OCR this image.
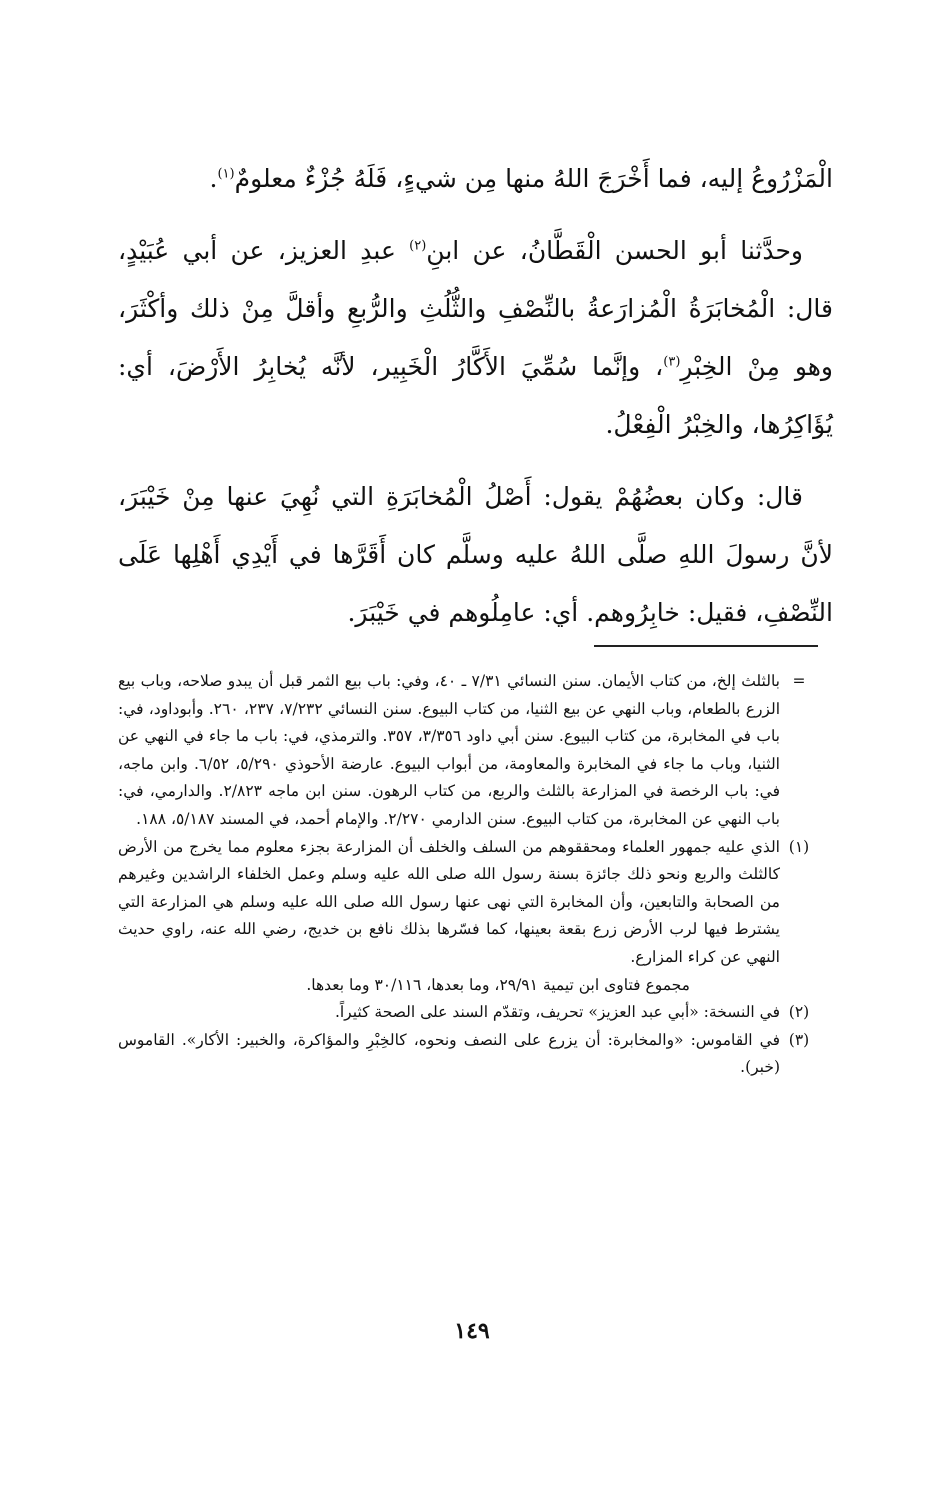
الْمَزْرُوعُ إليه، فما أَخْرَجَ اللهُ منها مِن شيءٍ، فَلَهُ جُزْءٌ معلومٌ$^{(١)}$.

وحدَّثنا أبو الحسن الْقَطَّانُ، عن ابنِ$^{(٢)}$ عبدِ العزيز، عن أبي عُبَيْدٍ، قال: الْمُخابَرَةُ الْمُزارَعةُ بالنِّصْفِ والثُّلُثِ والرُّبعِ وأقلَّ مِنْ ذلك وأكْثَرَ، وهو مِنْ الخِبْرِ$^{(٣)}$، وإنَّما سُمِّيَ الأَكَّارُ الْخَبِير، لأنَّه يُخابِرُ الأَرْضَ، أي: يُؤَاكِرُها، والخِبْرُ الْفِعْلُ.

قال: وكان بعضُهُمْ يقول: أَصْلُ الْمُخابَرَةِ التي نُهِيَ عنها مِنْ خَيْبَرَ، لأنَّ رسولَ اللهِ صلَّى اللهُ عليه وسلَّم كان أَقَرَّها في أَيْدِي أَهْلِها عَلَى النِّصْفِ، فقيل: خابِرُوهم. أي: عامِلُوهم في خَيْبَرَ.

=
بالثلث إلخ، من كتاب الأيمان. سنن النسائي ٧/٣١ ـ ٤٠، وفي: باب بيع الثمر قبل أن يبدو صلاحه، وباب بيع الزرع بالطعام، وباب النهي عن بيع الثنيا، من كتاب البيوع. سنن النسائي ٧/٢٣٢، ٢٣٧، ٢٦٠. وأبوداود، في: باب في المخابرة، من كتاب البيوع. سنن أبي داود ٣/٣٥٦، ٣٥٧. والترمذي، في: باب ما جاء في النهي عن الثنيا، وباب ما جاء في المخابرة والمعاومة، من أبواب البيوع. عارضة الأحوذي ٥/٢٩٠، ٦/٥٢. وابن ماجه، في: باب الرخصة في المزارعة بالثلث والربع، من كتاب الرهون. سنن ابن ماجه ٢/٨٢٣. والدارمي، في: باب النهي عن المخابرة، من كتاب البيوع. سنن الدارمي ٢/٢٧٠. والإمام أحمد، في المسند ٥/١٨٧، ١٨٨.
(١)
الذي عليه جمهور العلماء ومحققوهم من السلف والخلف أن المزارعة بجزء معلوم مما يخرج من الأرض كالثلث والربع ونحو ذلك جائزة بسنة رسول الله صلى الله عليه وسلم وعمل الخلفاء الراشدين وغيرهم من الصحابة والتابعين، وأن المخابرة التي نهى عنها رسول الله صلى الله عليه وسلم هي المزارعة التي يشترط فيها لرب الأرض زرع بقعة بعينها، كما فسّرها بذلك نافع بن خديج، رضي الله عنه، راوي حديث النهي عن كراء المزارع.

مجموع فتاوى ابن تيمية ٢٩/٩١، وما بعدها، ٣٠/١١٦ وما بعدها.

(٢)
في النسخة: «أبي عبد العزيز» تحريف، وتقدّم السند على الصحة كثيراً.
(٣)
في القاموس: «والمخابرة: أن يزرع على النصف ونحوه، كالخِبْرِ والمؤاكرة، والخبير: الأكار». القاموس (خبر).
١٤٩
